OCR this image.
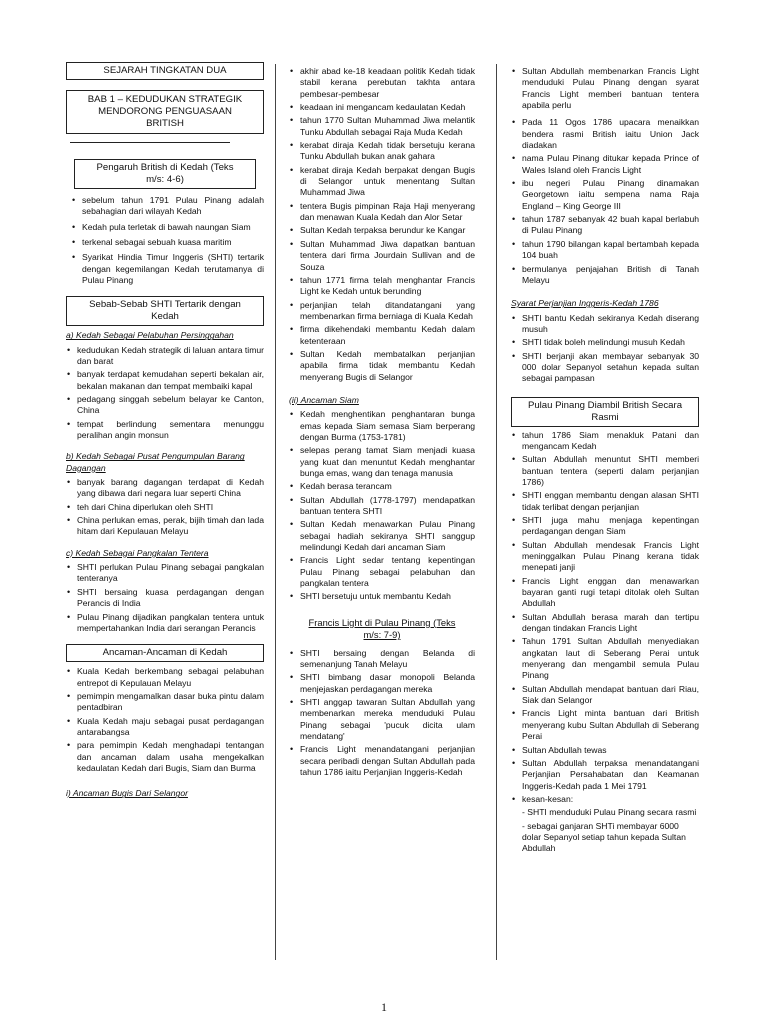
SEJARAH TINGKATAN DUA
BAB 1 – KEDUDUKAN STRATEGIK MENDORONG PENGUASAAN BRITISH
Pengaruh British di Kedah (Teks m/s: 4-6)
• sebelum tahun 1791 Pulau Pinang adalah sebahagian dari wilayah Kedah
• Kedah pula terletak di bawah naungan Siam
• terkenal sebagai sebuah kuasa maritim
• Syarikat Hindia Timur Inggeris (SHTI) tertarik dengan kegemilangan Kedah terutamanya di Pulau Pinang
Sebab-Sebab SHTI Tertarik dengan Kedah
a) Kedah Sebagai Pelabuhan Persinggahan
• kedudukan Kedah strategik di laluan antara timur dan barat
• banyak terdapat kemudahan seperti bekalan air, bekalan makanan dan tempat membaiki kapal
• pedagang singgah sebelum belayar ke Canton, China
• tempat berlindung sementara menunggu peralihan angin monsun
b) Kedah Sebagai Pusat Pengumpulan Barang Dagangan
• banyak barang dagangan terdapat di Kedah yang dibawa dari negara luar seperti China
• teh dari China diperlukan oleh SHTI
• China perlukan emas, perak, bijih timah dan lada hitam dari Kepulauan Melayu
c) Kedah Sebagai Pangkalan Tentera
• SHTI perlukan Pulau Pinang sebagai pangkalan tenteranya
• SHTI bersaing kuasa perdagangan dengan Perancis di India
• Pulau Pinang dijadikan pangkalan tentera untuk mempertahankan India dari serangan Perancis
Ancaman-Ancaman di Kedah
• Kuala Kedah berkembang sebagai pelabuhan entrepot di Kepulauan Melayu
• pemimpin mengamalkan dasar buka pintu dalam pentadbiran
• Kuala Kedah maju sebagai pusat perdagangan antarabangsa
• para pemimpin Kedah menghadapi tentangan dan ancaman dalam usaha mengekalkan kedaulatan Kedah dari Bugis, Siam dan Burma
i) Ancaman Bugis Dari Selangor
• akhir abad ke-18 keadaan politik Kedah tidak stabil kerana perebutan takhta antara pembesar-pembesar
• keadaan ini mengancam kedaulatan Kedah
• tahun 1770 Sultan Muhammad Jiwa melantik Tunku Abdullah sebagai Raja Muda Kedah
• kerabat diraja Kedah tidak bersetuju kerana Tunku Abdullah bukan anak gahara
• kerabat diraja Kedah berpakat dengan Bugis di Selangor untuk menentang Sultan Muhammad Jiwa
• tentera Bugis pimpinan Raja Haji menyerang dan menawan Kuala Kedah dan Alor Setar
• Sultan Kedah terpaksa berundur ke Kangar
• Sultan Muhammad Jiwa dapatkan bantuan tentera dari firma Jourdain Sullivan and de Souza
• tahun 1771 firma telah menghantar Francis Light ke Kedah untuk berunding
• perjanjian telah ditandatangani yang membenarkan firma berniaga di Kuala Kedah
• firma dikehendaki membantu Kedah dalam ketenteraan
• Sultan Kedah membatalkan perjanjian apabila firma tidak membantu Kedah menyerang Bugis di Selangor
(ii) Ancaman Siam
• Kedah menghentikan penghantaran bunga emas kepada Siam semasa Siam berperang dengan Burma (1753-1781)
• selepas perang tamat Siam menjadi kuasa yang kuat dan menuntut Kedah menghantar bunga emas, wang dan tenaga manusia
• Kedah berasa terancam
• Sultan Abdullah (1778-1797) mendapatkan bantuan tentera SHTI
• Sultan Kedah menawarkan Pulau Pinang sebagai hadiah sekiranya SHTI sanggup melindungi Kedah dari ancaman Siam
• Francis Light sedar tentang kepentingan Pulau Pinang sebagai pelabuhan dan pangkalan tentera
• SHTI bersetuju untuk membantu Kedah
Francis Light di Pulau Pinang (Teks m/s: 7-9)
• SHTI bersaing dengan Belanda di semenanjung Tanah Melayu
• SHTI bimbang dasar monopoli Belanda menjejaskan perdagangan mereka
• SHTI anggap tawaran Sultan Abdullah yang membenarkan mereka menduduki Pulau Pinang sebagai 'pucuk dicita ulam mendatang'
• Francis Light menandatangani perjanjian secara peribadi dengan Sultan Abdullah pada tahun 1786 iaitu Perjanjian Inggeris-Kedah
• Sultan Abdullah membenarkan Francis Light menduduki Pulau Pinang dengan syarat Francis Light memberi bantuan tentera apabila perlu
• Pada 11 Ogos 1786 upacara menaikkan bendera rasmi British iaitu Union Jack diadakan
• nama Pulau Pinang ditukar kepada Prince of Wales Island oleh Francis Light
• ibu negeri Pulau Pinang dinamakan Georgetown iaitu sempena nama Raja England – King George III
• tahun 1787 sebanyak 42 buah kapal berlabuh di Pulau Pinang
• tahun 1790 bilangan kapal bertambah kepada 104 buah
• bermulanya penjajahan British di Tanah Melayu
Syarat Perjanjian Inggeris-Kedah 1786
• SHTI bantu Kedah sekiranya Kedah diserang musuh
• SHTI tidak boleh melindungi musuh Kedah
• SHTI berjanji akan membayar sebanyak 30 000 dolar Sepanyol setahun kepada sultan sebagai pampasan
Pulau Pinang Diambil British Secara Rasmi
• tahun 1786 Siam menakluk Patani dan mengancam Kedah
• Sultan Abdullah menuntut SHTI memberi bantuan tentera (seperti dalam perjanjian 1786)
• SHTI enggan membantu dengan alasan SHTI tidak terlibat dengan perjanjian
• SHTI juga mahu menjaga kepentingan perdagangan dengan Siam
• Sultan Abdullah mendesak Francis Light meninggalkan Pulau Pinang kerana tidak menepati janji
• Francis Light enggan dan menawarkan bayaran ganti rugi tetapi ditolak oleh Sultan Abdullah
• Sultan Abdullah berasa marah dan tertipu dengan tindakan Francis Light
• Tahun 1791 Sultan Abdullah menyediakan angkatan laut di Seberang Perai untuk menyerang dan mengambil semula Pulau Pinang
• Sultan Abdullah mendapat bantuan dari Riau, Siak dan Selangor
• Francis Light minta bantuan dari British menyerang kubu Sultan Abdullah di Seberang Perai
• Sultan Abdullah tewas
• Sultan Abdullah terpaksa menandatangani Perjanjian Persahabatan dan Keamanan Inggeris-Kedah pada 1 Mei 1791
• kesan-kesan:
- SHTI menduduki Pulau Pinang secara rasmi
- sebagai ganjaran SHTi membayar 6000 dolar Sepanyol setiap tahun kepada Sultan Abdullah
1
